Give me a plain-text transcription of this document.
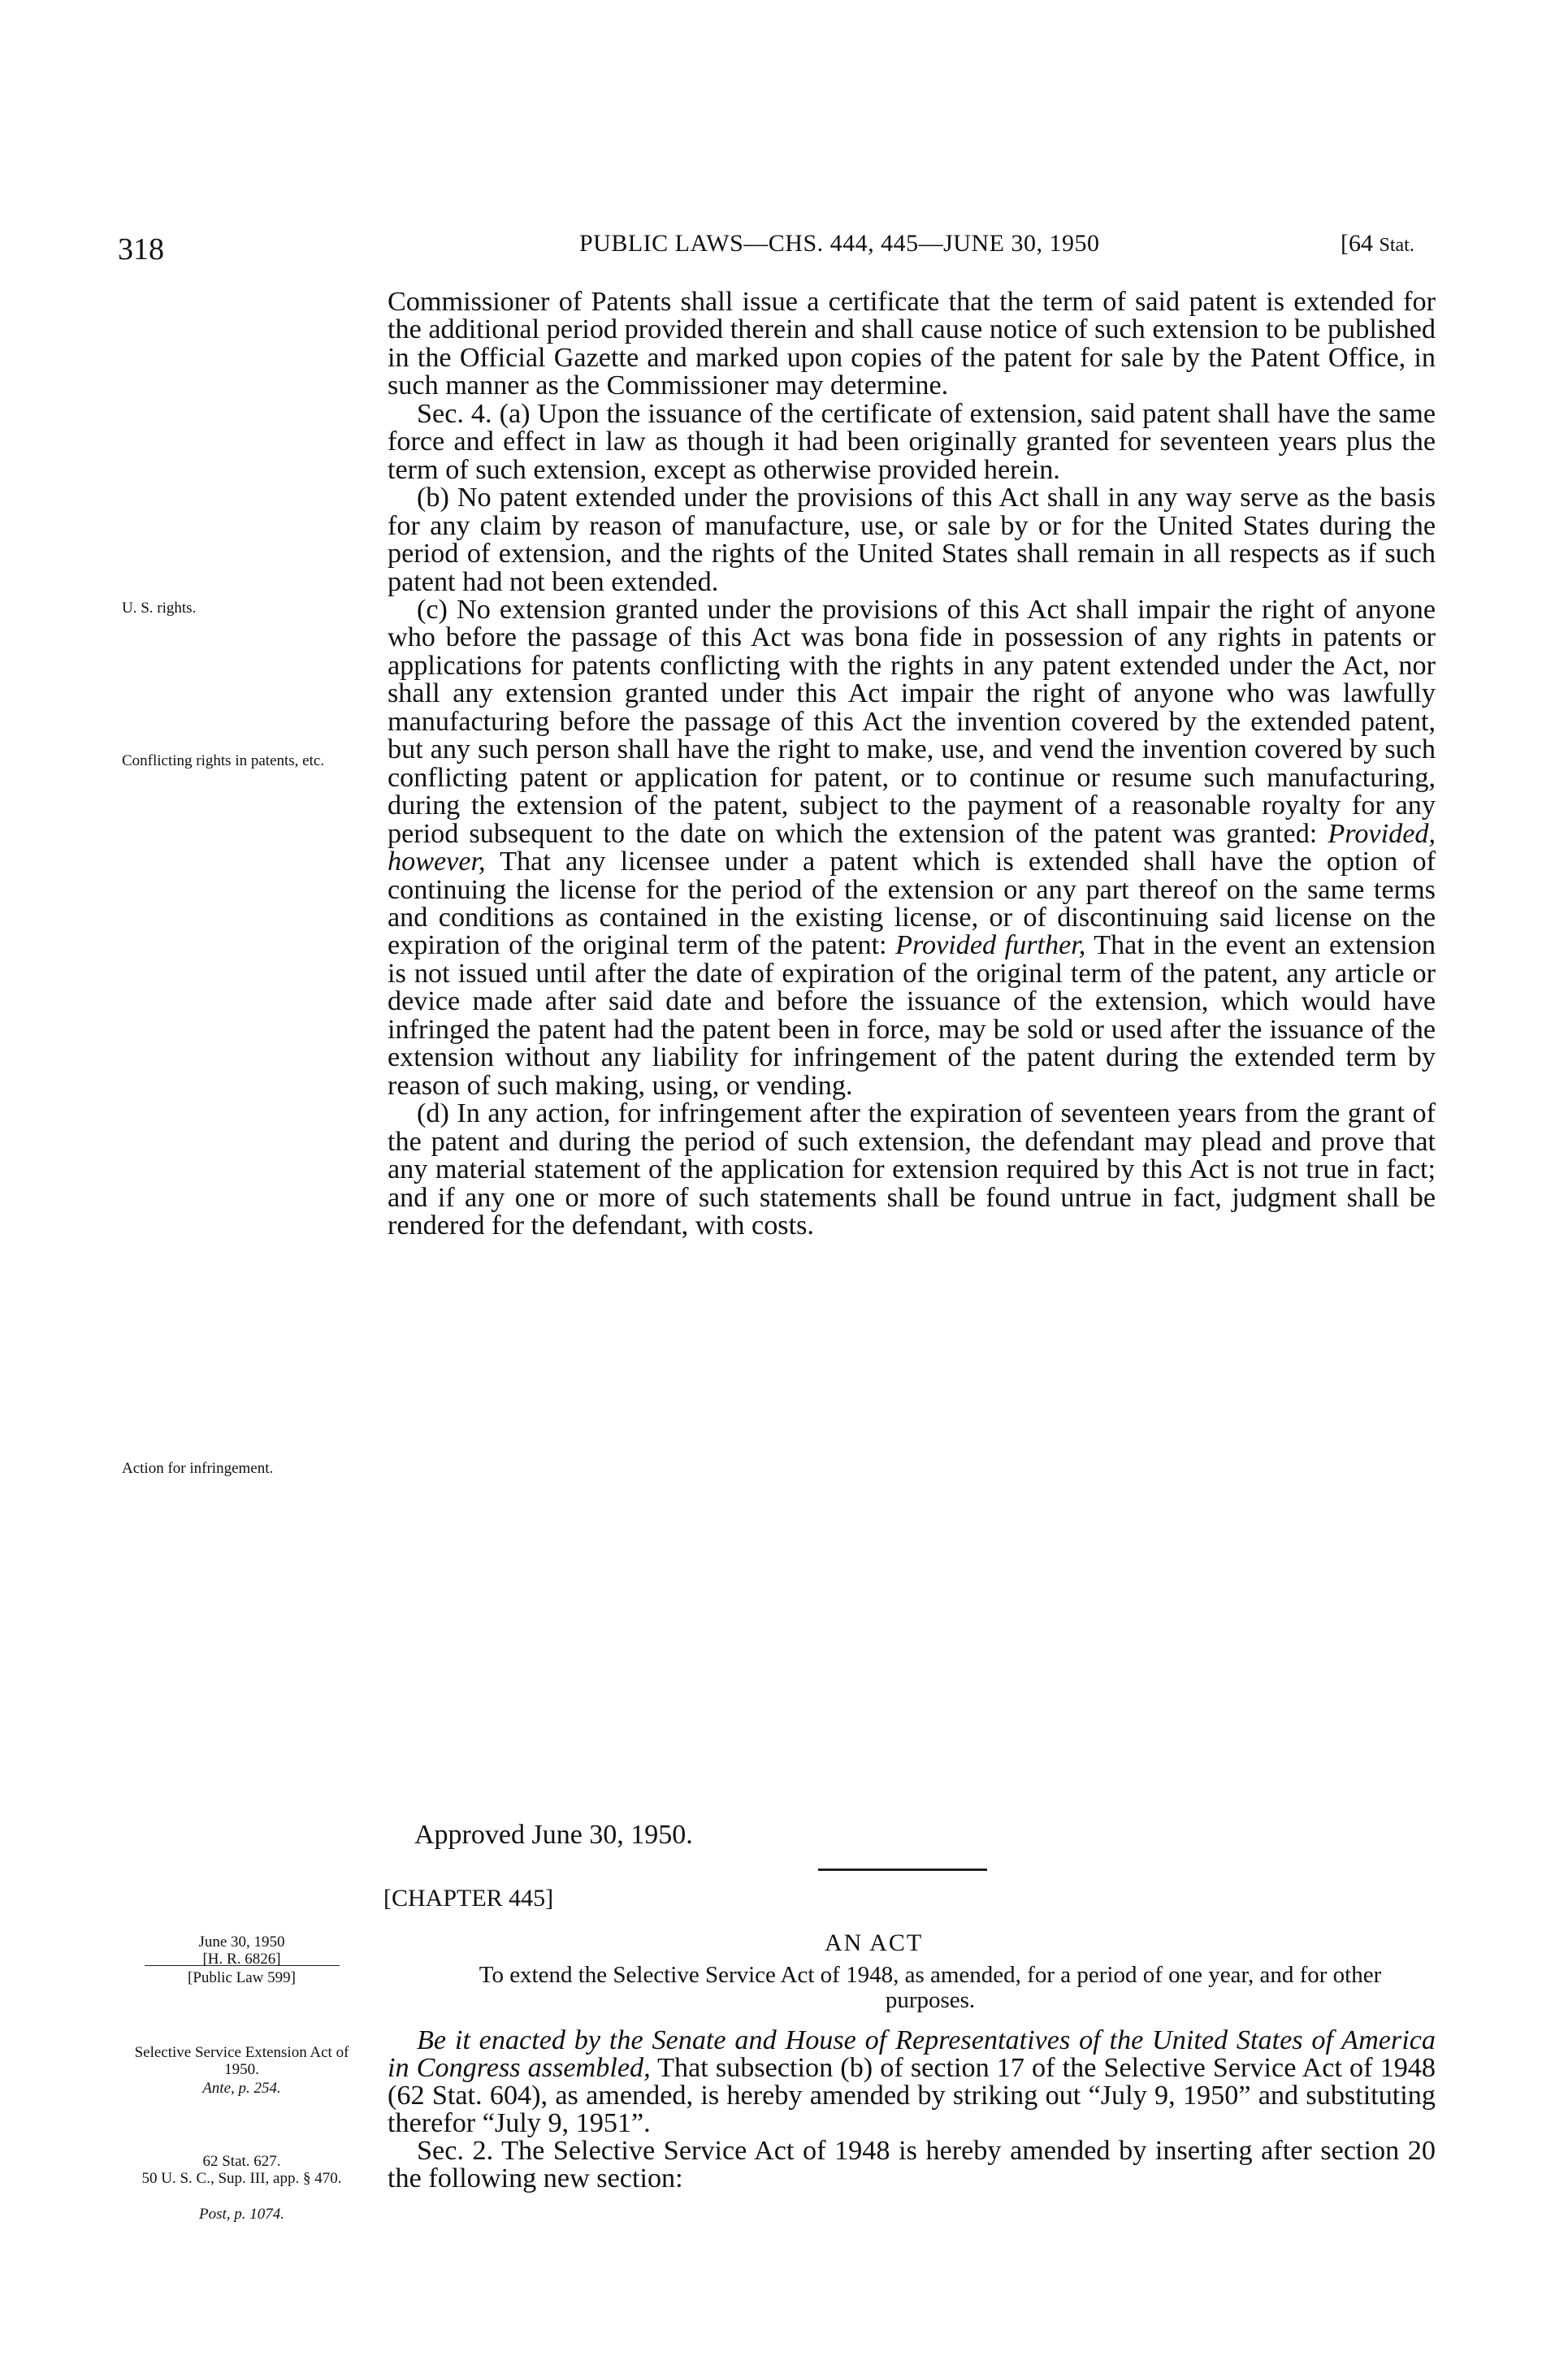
318	PUBLIC LAWS—CHS. 444, 445—JUNE 30, 1950	[64 Stat.

Commissioner of Patents shall issue a certificate that the term of said patent is extended for the additional period provided therein and shall cause notice of such extension to be published in the Official Gazette and marked upon copies of the patent for sale by the Patent Office, in such manner as the Commissioner may determine.

Sec. 4. (a) Upon the issuance of the certificate of extension, said patent shall have the same force and effect in law as though it had been originally granted for seventeen years plus the term of such extension, except as otherwise provided herein.

(b) No patent extended under the provisions of this Act shall in any way serve as the basis for any claim by reason of manufacture, use, or sale by or for the United States during the period of extension, and the rights of the United States shall remain in all respects as if such patent had not been extended.

(c) No extension granted under the provisions of this Act shall impair the right of anyone who before the passage of this Act was bona fide in possession of any rights in patents or applications for patents conflicting with the rights in any patent extended under the Act, nor shall any extension granted under this Act impair the right of anyone who was lawfully manufacturing before the passage of this Act the invention covered by the extended patent, but any such person shall have the right to make, use, and vend the invention covered by such conflicting patent or application for patent, or to continue or resume such manufacturing, during the extension of the patent, subject to the payment of a reasonable royalty for any period subsequent to the date on which the extension of the patent was granted: Provided, however, That any licensee under a patent which is extended shall have the option of continuing the license for the period of the extension or any part thereof on the same terms and conditions as contained in the existing license, or of discontinuing said license on the expiration of the original term of the patent: Provided further, That in the event an extension is not issued until after the date of expiration of the original term of the patent, any article or device made after said date and before the issuance of the extension, which would have infringed the patent had the patent been in force, may be sold or used after the issuance of the extension without any liability for infringement of the patent during the extended term by reason of such making, using, or vending.

(d) In any action, for infringement after the expiration of seventeen years from the grant of the patent and during the period of such extension, the defendant may plead and prove that any material statement of the application for extension required by this Act is not true in fact; and if any one or more of such statements shall be found untrue in fact, judgment shall be rendered for the defendant, with costs.

Approved June 30, 1950.
[CHAPTER 445]
AN ACT
To extend the Selective Service Act of 1948, as amended, for a period of one year, and for other purposes.

Be it enacted by the Senate and House of Representatives of the United States of America in Congress assembled, That subsection (b) of section 17 of the Selective Service Act of 1948 (62 Stat. 604), as amended, is hereby amended by striking out “July 9, 1950” and substituting therefor “July 9, 1951”.

Sec. 2. The Selective Service Act of 1948 is hereby amended by inserting after section 20 the following new section:

U. S. rights.
Conflicting rights in patents, etc.
Action for infringement.
June 30, 1950
[H. R. 6826]
[Public Law 599]
Selective Service Extension Act of 1950.
Ante, p. 254.
62 Stat. 627.
50 U. S. C., Sup. III, app. § 470.
Post, p. 1074.
